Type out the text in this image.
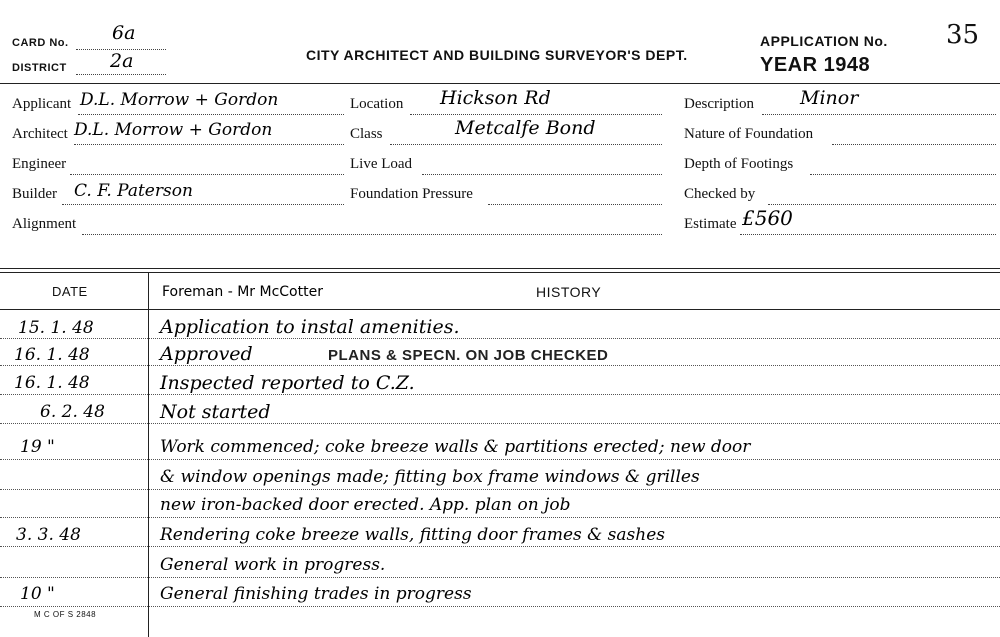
CARD No. 6a
DISTRICT 2a	CITY ARCHITECT AND BUILDING SURVEYOR'S DEPT.
APPLICATION No. 35
YEAR 1948
Applicant D.L. Morrow + Gordon
Architect D.L. Morrow + Gordon
Engineer
Builder C. F. Paterson
Alignment
Location Hickson Rd
Class	Metcalfe Bond
Live Load
Foundation Pressure
Description Minor
Nature of Foundation
Depth of Footings
Checked by
Estimate £560
DATE	Foreman - Mr McCotter	HISTORY
15. 1. 48	Application to instal amenities.
16. 1. 48	Approved	PLANS & SPECN. ON JOB CHECKED
16. 1. 48	Inspected reported to C.Z.
6. 2. 48	Not started
19 "	Work commenced; coke breeze walls & partitions erected; new door
& window openings made; fitting box frame windows & grilles
new iron-backed door erected. App. plan on job
3. 3. 48	Rendering coke breeze walls, fitting door frames & sashes
General work in progress.
10 "	General finishing trades in progress
M C OF S 2848
